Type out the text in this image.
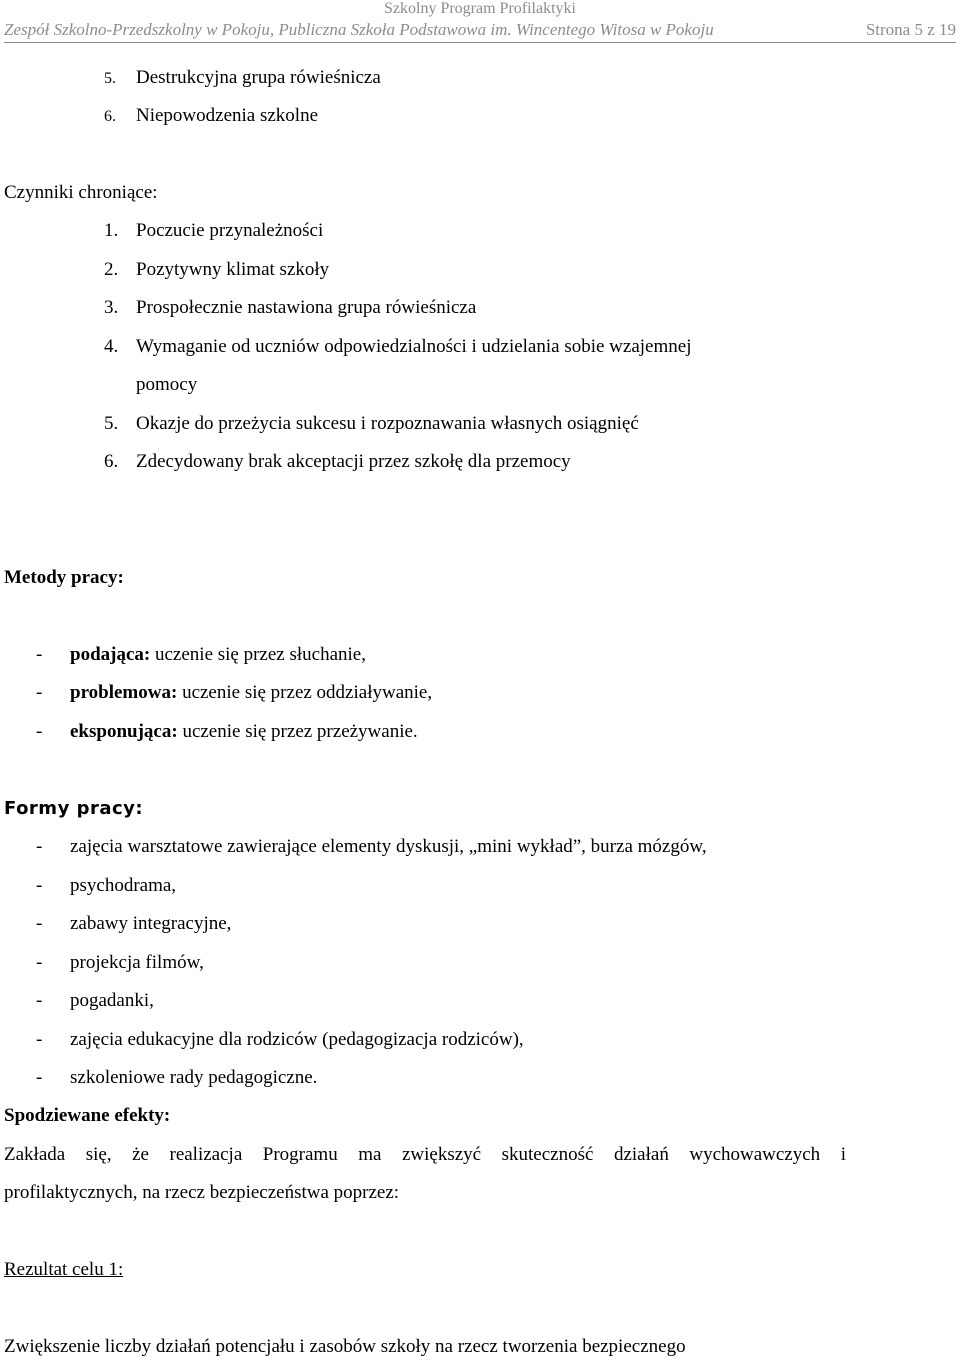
Szkolny Program Profilaktyki
Zespół Szkolno-Przedszkolny w Pokoju, Publiczna Szkoła Podstawowa im. Wincentego Witosa w Pokoju	Strona 5 z 19
5. Destrukcyjna grupa rówieśnicza
6. Niepowodzenia szkolne
Czynniki chroniące:
1. Poczucie przynależności
2. Pozytywny klimat szkoły
3. Prospołecznie nastawiona grupa rówieśnicza
4. Wymaganie od uczniów odpowiedzialności i udzielania sobie wzajemnej
pomocy
5. Okazje do przeżycia sukcesu i rozpoznawania własnych osiągnięć
6. Zdecydowany brak akceptacji przez szkołę dla przemocy
Metody pracy:
- podająca: uczenie się przez słuchanie,
- problemowa: uczenie się przez oddziaływanie,
- eksponująca: uczenie się przez przeżywanie.
Formy pracy:
- zajęcia warsztatowe zawierające elementy dyskusji, „mini wykład”, burza mózgów,
- psychodrama,
- zabawy integracyjne,
- projekcja filmów,
- pogadanki,
- zajęcia edukacyjne dla rodziców (pedagogizacja rodziców),
- szkoleniowe rady pedagogiczne.
Spodziewane efekty:
Zakłada się, że realizacja Programu ma zwiększyć skuteczność działań wychowawczych i
profilaktycznych, na rzecz bezpieczeństwa poprzez:
Rezultat celu 1:
Zwiększenie liczby działań potencjału i zasobów szkoły na rzecz tworzenia bezpiecznego
